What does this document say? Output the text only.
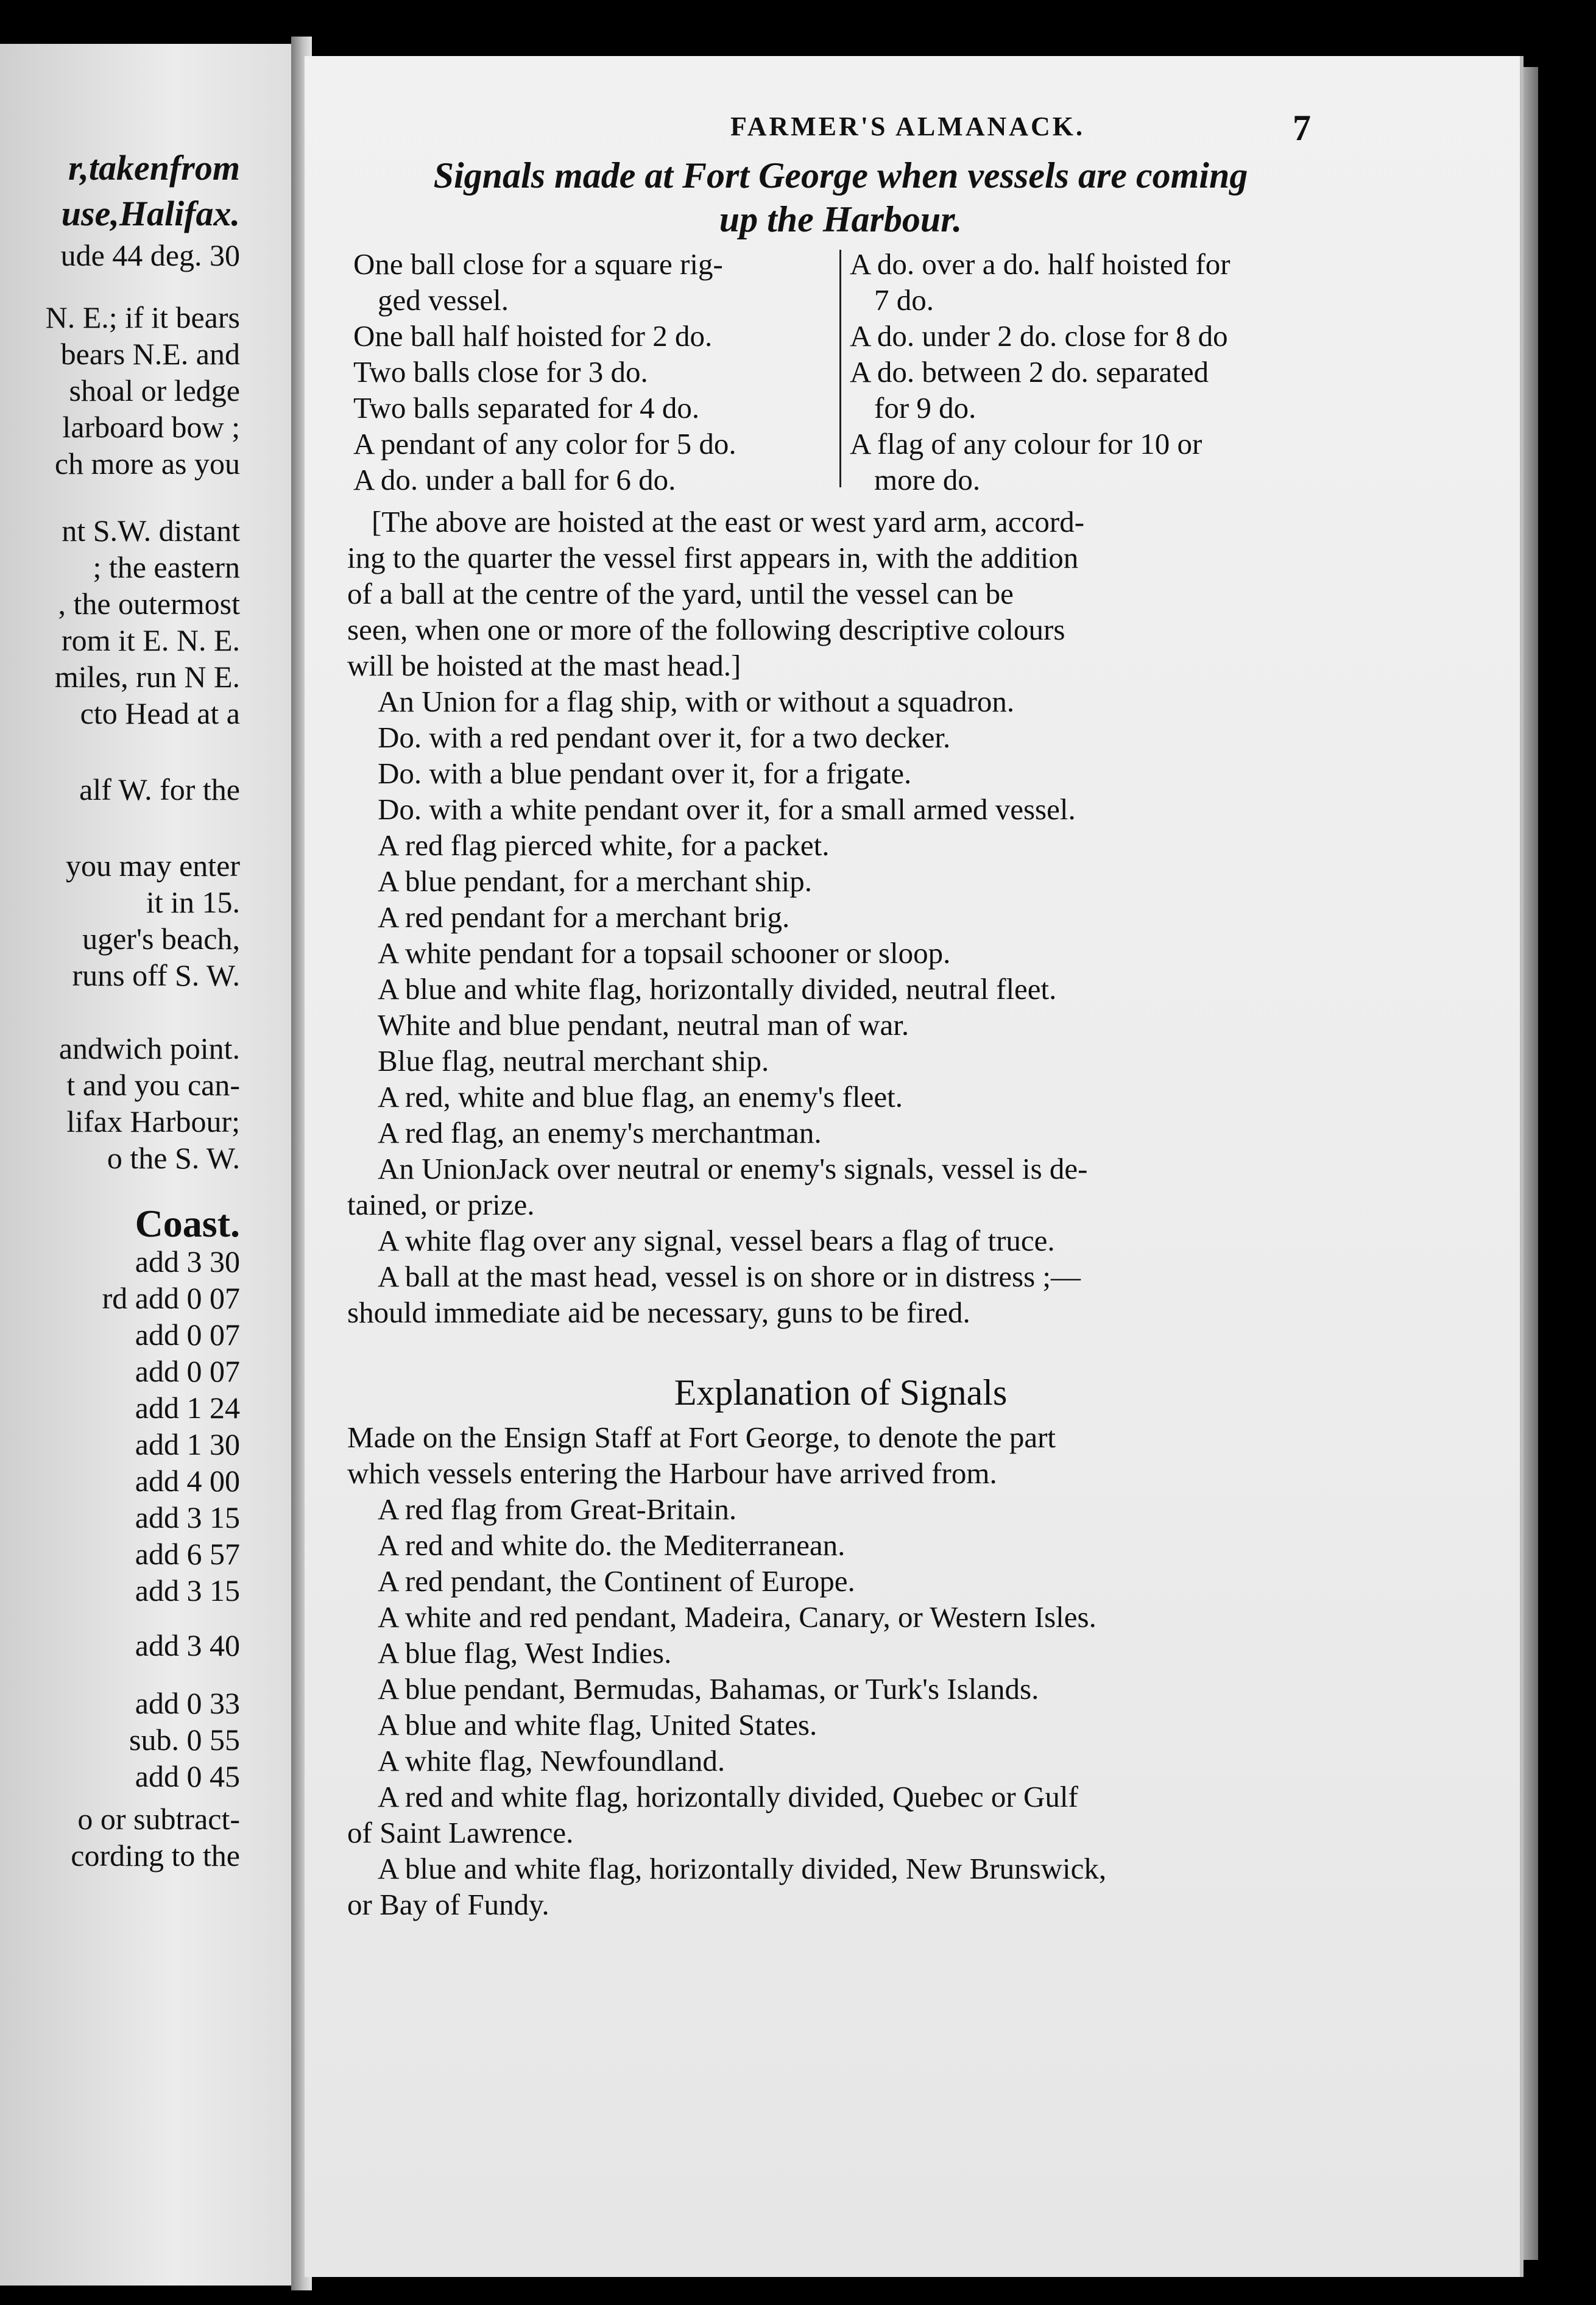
r,takenfrom
use,Halifax.
ude 44 deg. 30
N. E.; if it bears
bears N.E. and
shoal or ledge
larboard bow ;
ch more as you
nt S.W. distant
; the eastern
, the outermost
rom it E. N. E.
miles, run N E.
cto Head at a
alf W. for the
you may enter
it in 15.
uger's beach,
runs off S. W.
andwich point.
t and you can-
lifax Harbour;
o the S. W.
Coast.
add 3 30
rd add 0 07
add 0 07
add 0 07
add 1 24
add 1 30
add 4 00
add 3 15
add 6 57
add 3 15
add 3 40
add 0 33
sub. 0 55
add 0 45
o or subtract-
cording to the
FARMER'S ALMANACK.	7
Signals made at Fort George when vessels are coming
up the Harbour.
One ball close for a square rig-
ged vessel.
One ball half hoisted for 2 do.
Two balls close for 3 do.
Two balls separated for 4 do.
A pendant of any color for 5 do.
A do. under a ball for 6 do.
A do. over a do. half hoisted for
7 do.
A do. under 2 do. close for 8 do
A do. between 2 do. separated
for 9 do.
A flag of any colour for 10 or
more do.
[The above are hoisted at the east or west yard arm, accord-
ing to the quarter the vessel first appears in, with the addition
of a ball at the centre of the yard, until the vessel can be
seen, when one or more of the following descriptive colours
will be hoisted at the mast head.]
An Union for a flag ship, with or without a squadron.
Do. with a red pendant over it, for a two decker.
Do. with a blue pendant over it, for a frigate.
Do. with a white pendant over it, for a small armed vessel.
A red flag pierced white, for a packet.
A blue pendant, for a merchant ship.
A red pendant for a merchant brig.
A white pendant for a topsail schooner or sloop.
A blue and white flag, horizontally divided, neutral fleet.
White and blue pendant, neutral man of war.
Blue flag, neutral merchant ship.
A red, white and blue flag, an enemy's fleet.
A red flag, an enemy's merchantman.
An UnionJack over neutral or enemy's signals, vessel is de-
tained, or prize.
A white flag over any signal, vessel bears a flag of truce.
A ball at the mast head, vessel is on shore or in distress ;—
should immediate aid be necessary, guns to be fired.
Explanation of Signals
Made on the Ensign Staff at Fort George, to denote the part
which vessels entering the Harbour have arrived from.
A red flag from Great-Britain.
A red and white do. the Mediterranean.
A red pendant, the Continent of Europe.
A white and red pendant, Madeira, Canary, or Western Isles.
A blue flag, West Indies.
A blue pendant, Bermudas, Bahamas, or Turk's Islands.
A blue and white flag, United States.
A white flag, Newfoundland.
A red and white flag, horizontally divided, Quebec or Gulf
of Saint Lawrence.
A blue and white flag, horizontally divided, New Brunswick,
or Bay of Fundy.
